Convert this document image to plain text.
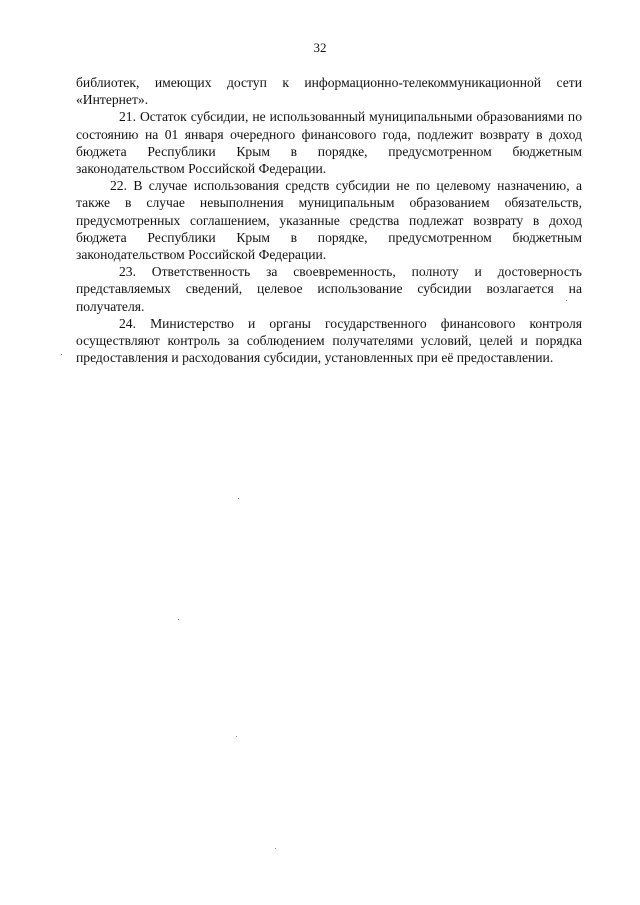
32

библиотек, имеющих доступ к информационно-телекоммуникационной сети «Интернет».

21. Остаток субсидии, не использованный муниципальными образованиями по состоянию на 01 января очередного финансового года, подлежит возврату в доход бюджета Республики Крым в порядке, предусмотренном бюджетным законодательством Российской Федерации.

22. В случае использования средств субсидии не по целевому назначению, а также в случае невыполнения муниципальным образованием обязательств, предусмотренных соглашением, указанные средства подлежат возврату в доход бюджета Республики Крым в порядке, предусмотренном бюджетным законодательством Российской Федерации.

23. Ответственность за своевременность, полноту и достоверность представляемых сведений, целевое использование субсидии возлагается на получателя.

24. Министерство и органы государственного финансового контроля осуществляют контроль за соблюдением получателями условий, целей и порядка предоставления и расходования субсидии, установленных при её предоставлении.
